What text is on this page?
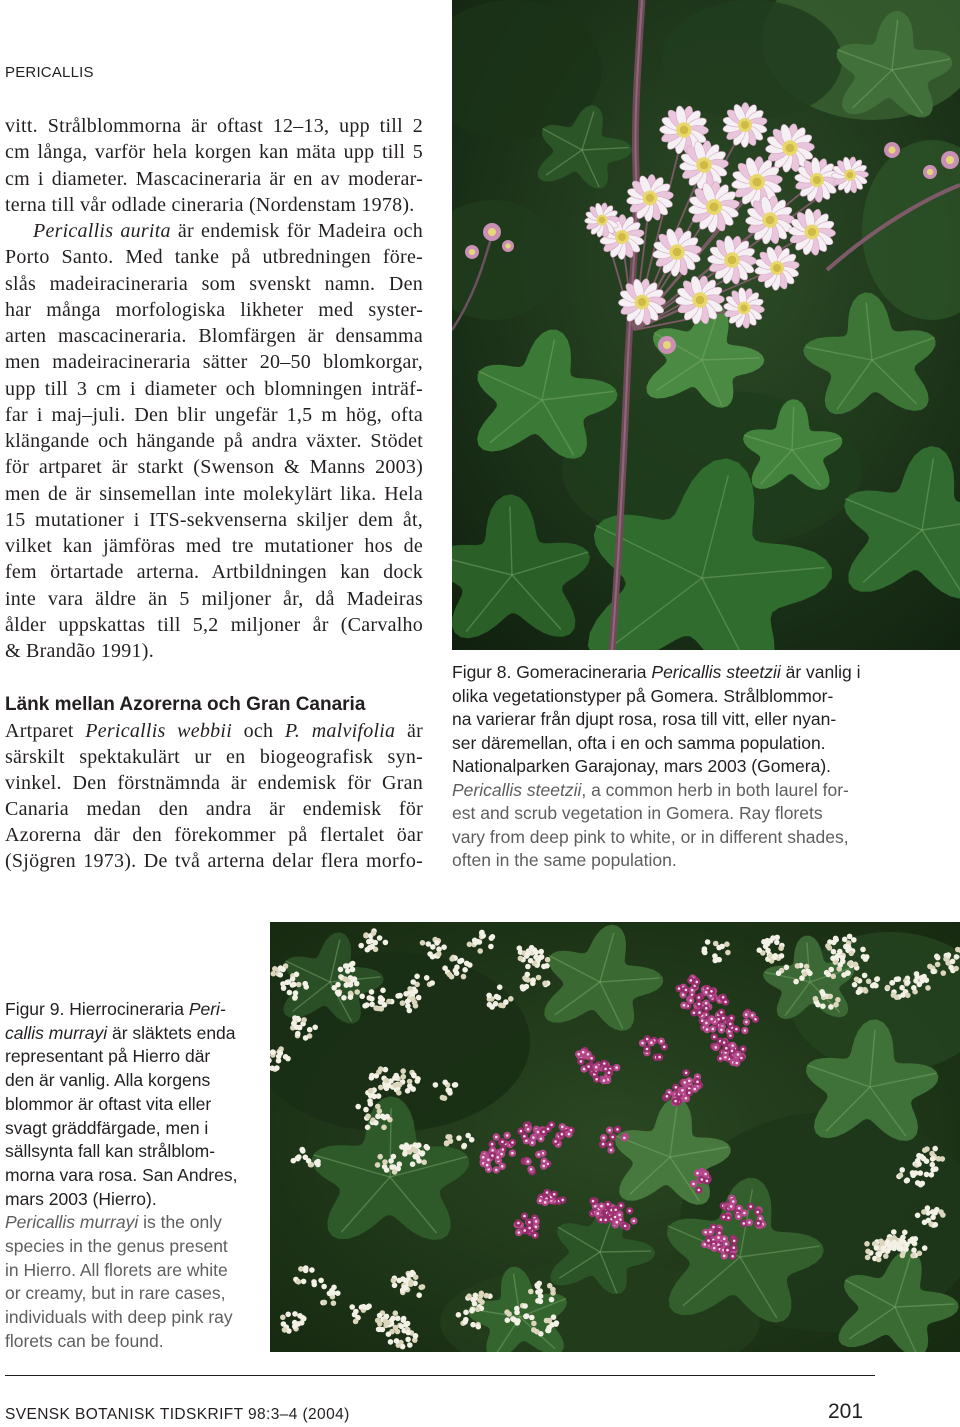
PERICALLIS
vitt. Strålblommorna är oftast 12–13, upp till 2
cm långa, varför hela korgen kan mäta upp till 5
cm i diameter. Mascacineraria är en av moderar-
terna till vår odlade cineraria (Nordenstam 1978).
Pericallis aurita är endemisk för Madeira och
Porto Santo. Med tanke på utbredningen före-
slås madeiracineraria som svenskt namn. Den
har många morfologiska likheter med syster-
arten mascacineraria. Blomfärgen är densamma
men madeiracineraria sätter 20–50 blomkorgar,
upp till 3 cm i diameter och blomningen inträf-
far i maj–juli. Den blir ungefär 1,5 m hög, ofta
klängande och hängande på andra växter. Stödet
för artparet är starkt (Swenson & Manns 2003)
men de är sinsemellan inte molekylärt lika. Hela
15 mutationer i ITS-sekvenserna skiljer dem åt,
vilket kan jämföras med tre mutationer hos de
fem örtartade arterna. Artbildningen kan dock
inte vara äldre än 5 miljoner år, då Madeiras
ålder uppskattas till 5,2 miljoner år (Carvalho
& Brandão 1991).
Länk mellan Azorerna och Gran Canaria
Artparet Pericallis webbii och P. malvifolia är
särskilt spektakulärt ur en biogeografisk syn-
vinkel. Den förstnämnda är endemisk för Gran
Canaria medan den andra är endemisk för
Azorerna där den förekommer på flertalet öar
(Sjögren 1973). De två arterna delar flera morfo-
Figur 8. Gomeracineraria Pericallis steetzii är vanlig i
olika vegetationstyper på Gomera. Strålblommor-
na varierar från djupt rosa, rosa till vitt, eller nyan-
ser däremellan, ofta i en och samma population.
Nationalparken Garajonay, mars 2003 (Gomera).
Pericallis steetzii, a common herb in both laurel for-
est and scrub vegetation in Gomera. Ray florets
vary from deep pink to white, or in different shades,
often in the same population.
Figur 9. Hierrocineraria Peri-
callis murrayi är släktets enda
representant på Hierro där
den är vanlig. Alla korgens
blommor är oftast vita eller
svagt gräddfärgade, men i
sällsynta fall kan strålblom-
morna vara rosa. San Andres,
mars 2003 (Hierro).
Pericallis murrayi is the only
species in the genus present
in Hierro. All florets are white
or creamy, but in rare cases,
individuals with deep pink ray
florets can be found.
SVENSK BOTANISK TIDSKRIFT 98:3–4 (2004)	201
